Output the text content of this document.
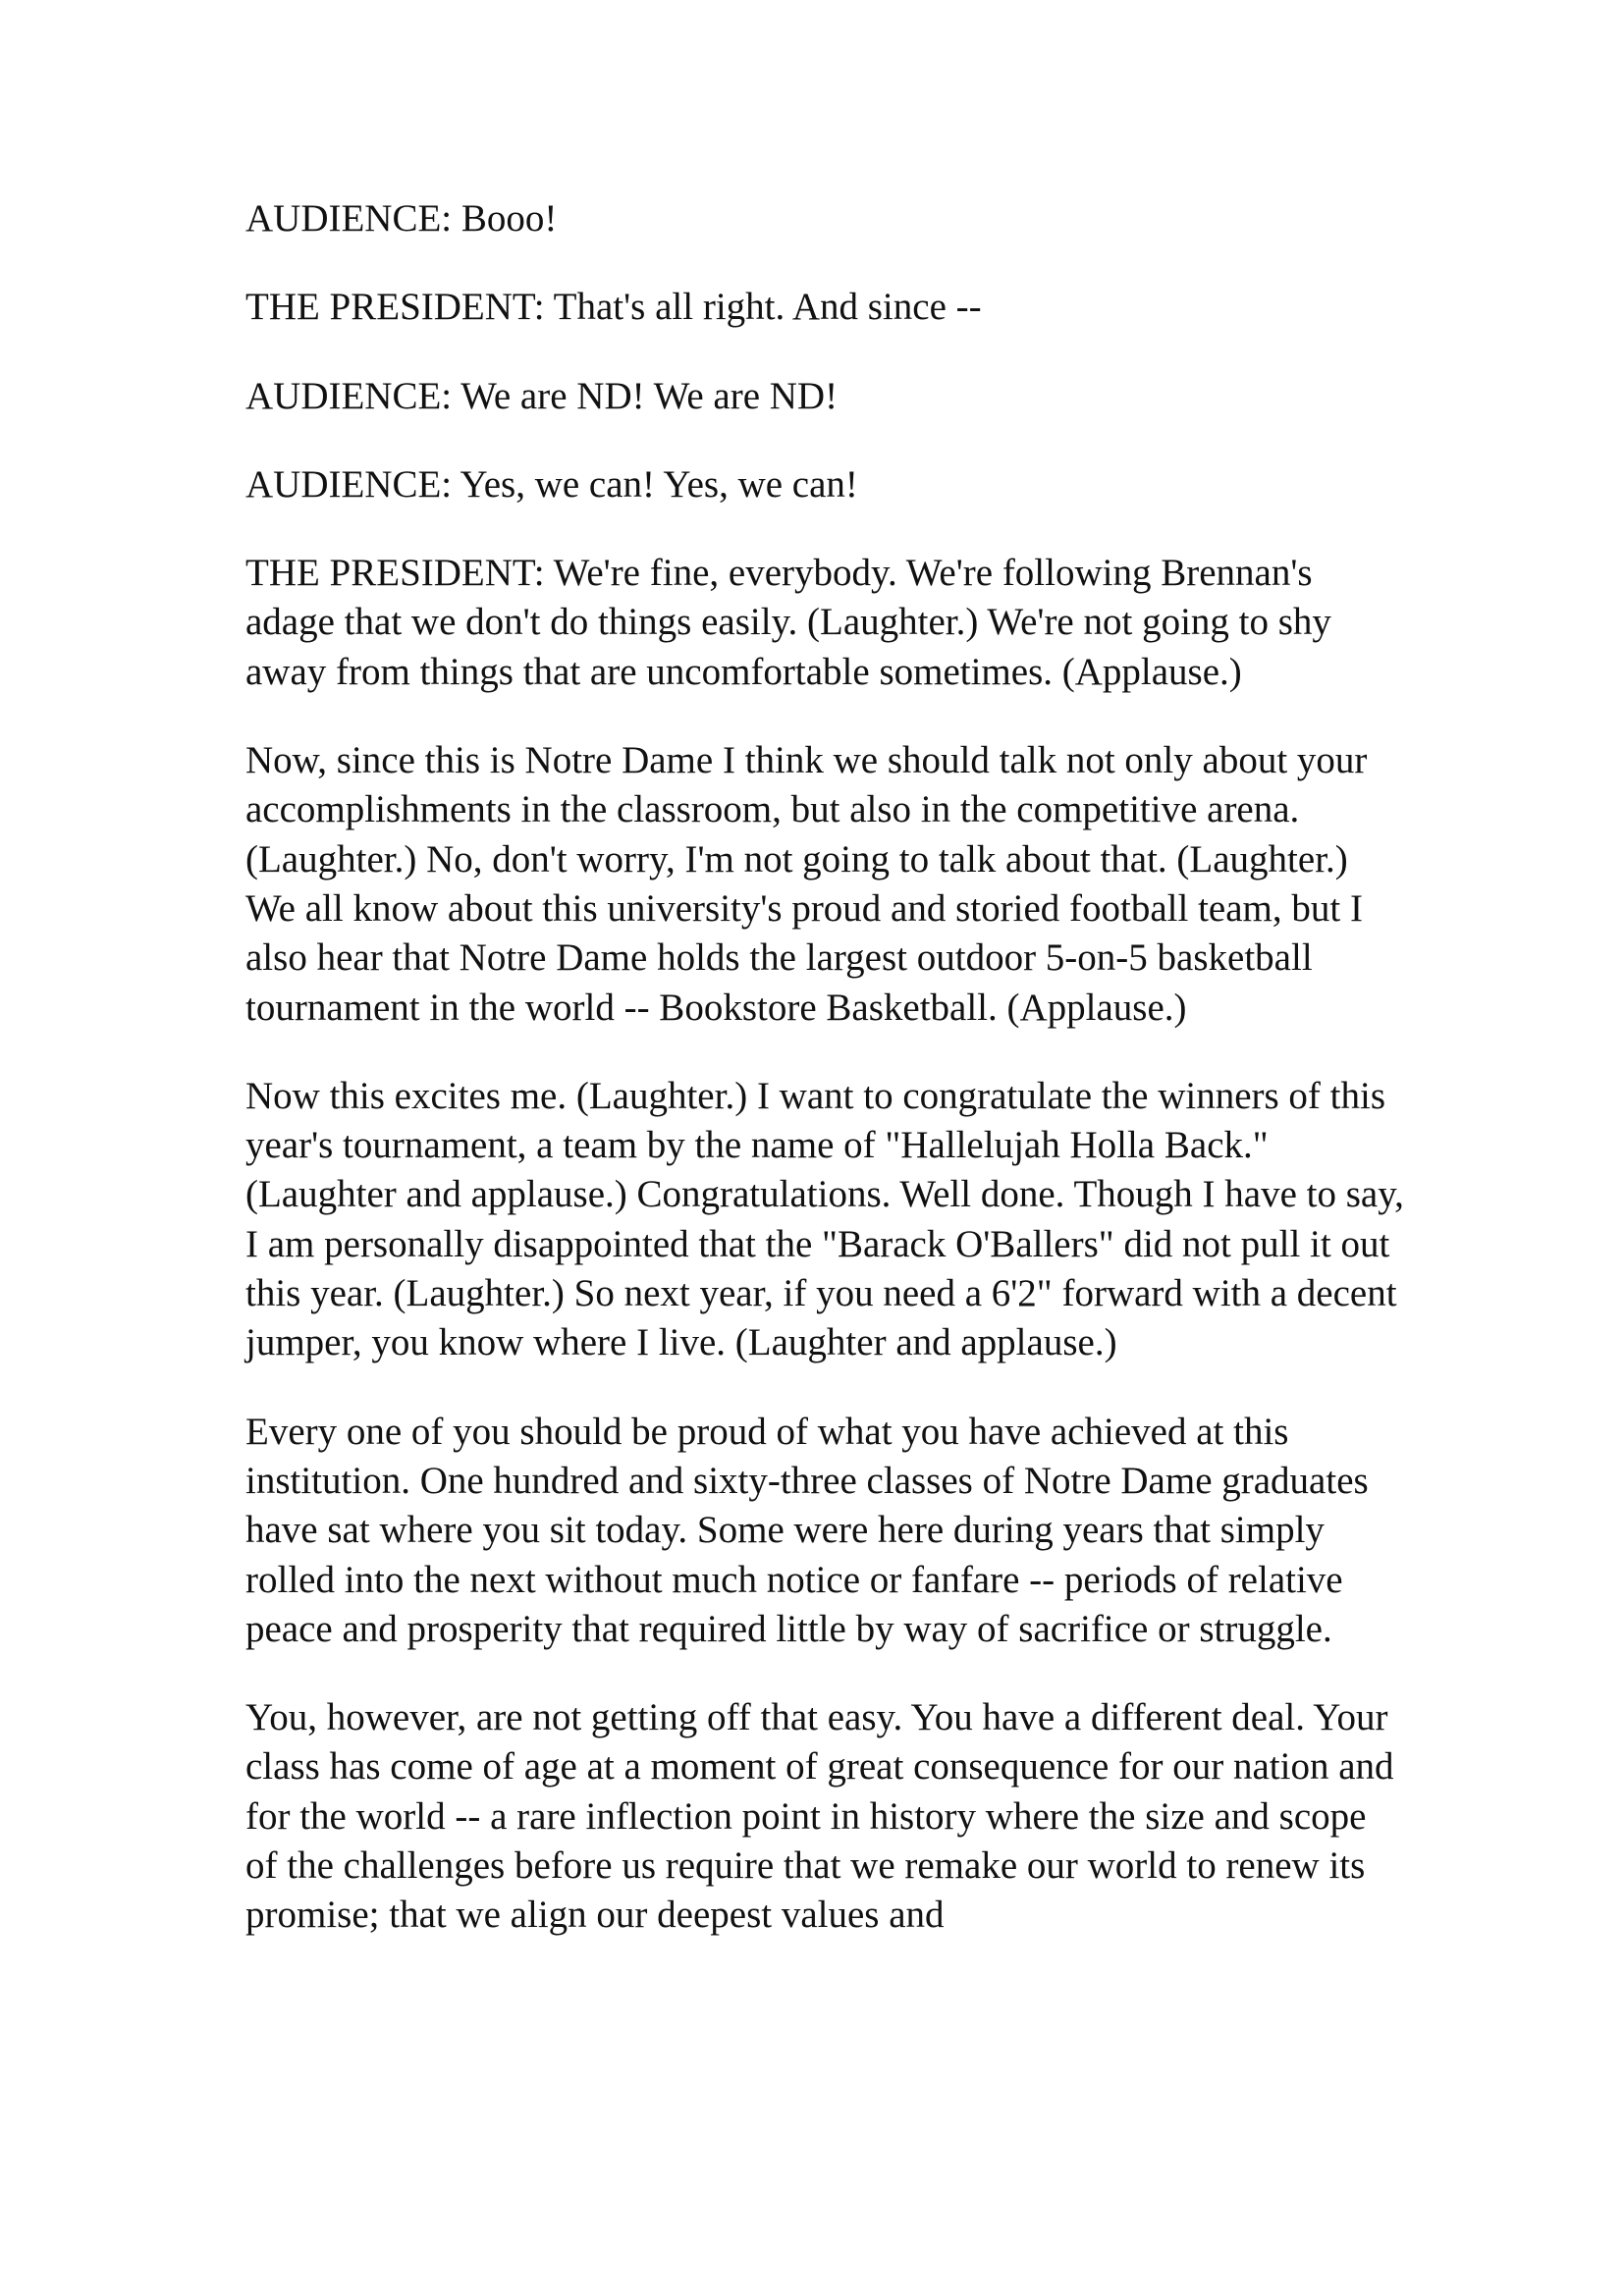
AUDIENCE: Booo!

THE PRESIDENT: That's all right. And since --

AUDIENCE: We are ND! We are ND!

AUDIENCE: Yes, we can! Yes, we can!

THE PRESIDENT: We're fine, everybody. We're following Brennan's adage that we don't do things easily. (Laughter.) We're not going to shy away from things that are uncomfortable sometimes. (Applause.)

Now, since this is Notre Dame I think we should talk not only about your accomplishments in the classroom, but also in the competitive arena. (Laughter.) No, don't worry, I'm not going to talk about that. (Laughter.) We all know about this university's proud and storied football team, but I also hear that Notre Dame holds the largest outdoor 5-on-5 basketball tournament in the world -- Bookstore Basketball. (Applause.)

Now this excites me. (Laughter.) I want to congratulate the winners of this year's tournament, a team by the name of "Hallelujah Holla Back." (Laughter and applause.) Congratulations. Well done. Though I have to say, I am personally disappointed that the "Barack O'Ballers" did not pull it out this year. (Laughter.) So next year, if you need a 6'2" forward with a decent jumper, you know where I live. (Laughter and applause.)

Every one of you should be proud of what you have achieved at this institution. One hundred and sixty-three classes of Notre Dame graduates have sat where you sit today. Some were here during years that simply rolled into the next without much notice or fanfare -- periods of relative peace and prosperity that required little by way of sacrifice or struggle.

You, however, are not getting off that easy. You have a different deal. Your class has come of age at a moment of great consequence for our nation and for the world -- a rare inflection point in history where the size and scope of the challenges before us require that we remake our world to renew its promise; that we align our deepest values and
